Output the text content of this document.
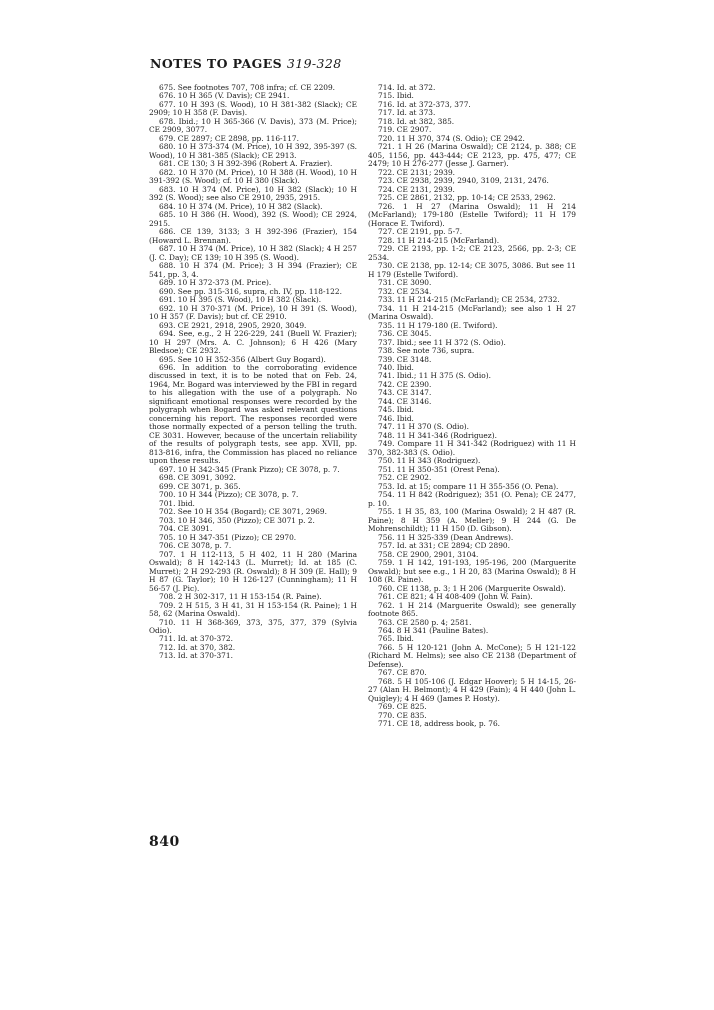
NOTES TO PAGES 319-328

675. See footnotes 707, 708 infra; cf. CE 2209.

676. 10 H 365 (V. Davis); CE 2941.

677. 10 H 393 (S. Wood), 10 H 381-382 (Slack); CE 2909; 10 H 358 (F. Davis).

678. Ibid.; 10 H 365-366 (V. Davis), 373 (M. Price); CE 2909, 3077.

679. CE 2897; CE 2898, pp. 116-117.

680. 10 H 373-374 (M. Price), 10 H 392, 395-397 (S. Wood), 10 H 381-385 (Slack); CE 2913.

681. CE 130; 3 H 392-396 (Robert A. Frazier).

682. 10 H 370 (M. Price), 10 H 388 (H. Wood), 10 H 391-392 (S. Wood); cf. 10 H 380 (Slack).

683. 10 H 374 (M. Price), 10 H 382 (Slack); 10 H 392 (S. Wood); see also CE 2910, 2935, 2915.

684. 10 H 374 (M. Price), 10 H 382 (Slack).

685. 10 H 386 (H. Wood), 392 (S. Wood); CE 2924, 2915.

686. CE 139, 3133; 3 H 392-396 (Frazier), 154 (Howard L. Brennan).

687. 10 H 374 (M. Price), 10 H 382 (Slack); 4 H 257 (J. C. Day); CE 139; 10 H 395 (S. Wood).

688. 10 H 374 (M. Price); 3 H 394 (Frazier); CE 541, pp. 3, 4.

689. 10 H 372-373 (M. Price).

690. See pp. 315-316, supra, ch. IV, pp. 118-122.

691. 10 H 395 (S. Wood), 10 H 382 (Slack).

692. 10 H 370-371 (M. Price), 10 H 391 (S. Wood), 10 H 357 (F. Davis); but cf. CE 2910.

693. CE 2921, 2918, 2905, 2920, 3049.

694. See, e.g., 2 H 226-229, 241 (Buell W. Frazier); 10 H 297 (Mrs. A. C. Johnson); 6 H 426 (Mary Bledsoe); CE 2932.

695. See 10 H 352-356 (Albert Guy Bogard).

696. In addition to the corroborating evidence discussed in text, it is to be noted that on Feb. 24, 1964, Mr. Bogard was interviewed by the FBI in regard to his allegation with the use of a polygraph. No significant emotional responses were recorded by the polygraph when Bogard was asked relevant questions concerning his report. The responses recorded were those normally expected of a person telling the truth. CE 3031. However, because of the uncertain reliability of the results of polygraph tests, see app. XVII, pp. 813-816, infra, the Commission has placed no reliance upon these results.

697. 10 H 342-345 (Frank Pizzo); CE 3078, p. 7.

698. CE 3091, 3092.

699. CE 3071, p. 365.

700. 10 H 344 (Pizzo); CE 3078, p. 7.

701. Ibid.

702. See 10 H 354 (Bogard); CE 3071, 2969.

703. 10 H 346, 350 (Pizzo); CE 3071 p. 2.

704. CE 3091.

705. 10 H 347-351 (Pizzo); CE 2970.

706. CE 3078, p. 7.

707. 1 H 112-113, 5 H 402, 11 H 280 (Marina Oswald); 8 H 142-143 (L. Murret); Id. at 185 (C. Murret); 2 H 292-293 (R. Oswald); 8 H 309 (E. Hall); 9 H 87 (G. Taylor); 10 H 126-127 (Cunningham); 11 H 56-57 (J. Pic).

708. 2 H 302-317, 11 H 153-154 (R. Paine).

709. 2 H 515, 3 H 41, 31 H 153-154 (R. Paine); 1 H 58, 62 (Marina Oswald).

710. 11 H 368-369, 373, 375, 377, 379 (Sylvia Odio).

711. Id. at 370-372.

712. Id. at 370, 382.

713. Id. at 370-371.

714. Id. at 372.

715. Ibid.

716. Id. at 372-373, 377.

717. Id. at 373.

718. Id. at 382, 385.

719. CE 2907.

720. 11 H 370, 374 (S. Odio); CE 2942.

721. 1 H 26 (Marina Oswald); CE 2124, p. 388; CE 405, 1156, pp. 443-444; CE 2123, pp. 475, 477; CE 2479; 10 H 276-277 (Jesse J. Garner).

722. CE 2131; 2939.

723. CE 2938, 2939, 2940, 3109, 2131, 2476.

724. CE 2131, 2939.

725. CE 2861, 2132, pp. 10-14; CE 2533, 2962.

726. 1 H 27 (Marina Oswald); 11 H 214 (McFarland); 179-180 (Estelle Twiford); 11 H 179 (Horace E. Twiford).

727. CE 2191, pp. 5-7.

728. 11 H 214-215 (McFarland).

729. CE 2193, pp. 1-2; CE 2123, 2566, pp. 2-3; CE 2534.

730. CE 2138, pp. 12-14; CE 3075, 3086. But see 11 H 179 (Estelle Twiford).

731. CE 3090.

732. CE 2534.

733. 11 H 214-215 (McFarland); CE 2534, 2732.

734. 11 H 214-215 (McFarland); see also 1 H 27 (Marina Oswald).

735. 11 H 179-180 (E. Twiford).

736. CE 3045.

737. Ibid.; see 11 H 372 (S. Odio).

738. See note 736, supra.

739. CE 3148.

740. Ibid.

741. Ibid.; 11 H 375 (S. Odio).

742. CE 2390.

743. CE 3147.

744. CE 3146.

745. Ibid.

746. Ibid.

747. 11 H 370 (S. Odio).

748. 11 H 341-346 (Rodriguez).

749. Compare 11 H 341-342 (Rodriguez) with 11 H 370, 382-383 (S. Odio).

750. 11 H 343 (Rodriguez).

751. 11 H 350-351 (Orest Pena).

752. CE 2902.

753. Id. at 15; compare 11 H 355-356 (O. Pena).

754. 11 H 842 (Rodriguez); 351 (O. Pena); CE 2477, p. 10.

755. 1 H 35, 83, 100 (Marina Oswald); 2 H 487 (R. Paine); 8 H 359 (A. Meller); 9 H 244 (G. De Mohrenschildt); 11 H 150 (D. Gibson).

756. 11 H 325-339 (Dean Andrews).

757. Id. at 331; CE 2894; CD 2890.

758. CE 2900, 2901, 3104.

759. 1 H 142, 191-193, 195-196, 200 (Marguerite Oswald); but see e.g., 1 H 20, 83 (Marina Oswald); 8 H 108 (R. Paine).

760. CE 1138, p. 3; 1 H 206 (Marguerite Oswald).

761. CE 821; 4 H 408-409 (John W. Fain).

762. 1 H 214 (Marguerite Oswald); see generally footnote 865.

763. CE 2580 p. 4; 2581.

764. 8 H 341 (Pauline Bates).

765. Ibid.

766. 5 H 120-121 (John A. McCone); 5 H 121-122 (Richard M. Helms); see also CE 2138 (Department of Defense).

767. CE 870.

768. 5 H 105-106 (J. Edgar Hoover); 5 H 14-15, 26-27 (Alan H. Belmont); 4 H 429 (Fain); 4 H 440 (John L. Quigley); 4 H 469 (James P. Hosty).

769. CE 825.

770. CE 835.

771. CE 18, address book, p. 76.

840
